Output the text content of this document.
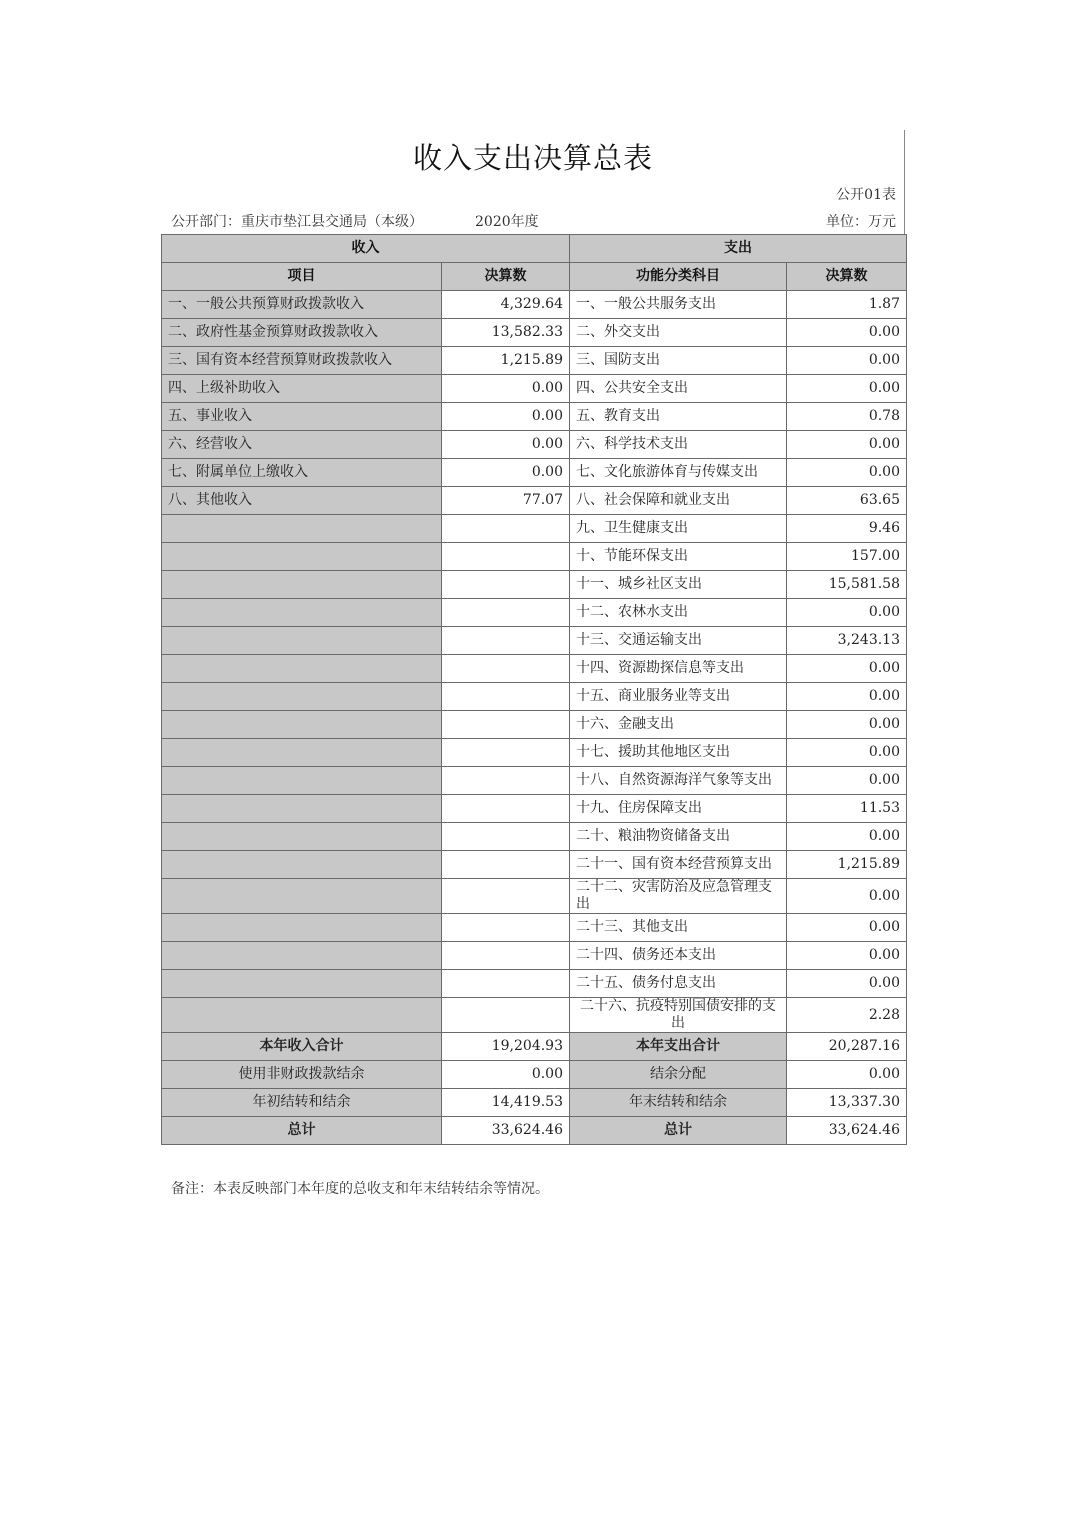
收入支出决算总表
公开01表
公开部门：重庆市垫江县交通局（本级）	2020年度	单位：万元
收入		支出	
项目	决算数	功能分类科目	决算数
一、一般公共预算财政拨款收入	4,329.64	一、一般公共服务支出	1.87
二、政府性基金预算财政拨款收入	13,582.33	二、外交支出	0.00
三、国有资本经营预算财政拨款收入	1,215.89	三、国防支出	0.00
四、上级补助收入	0.00	四、公共安全支出	0.00
五、事业收入	0.00	五、教育支出	0.78
六、经营收入	0.00	六、科学技术支出	0.00
七、附属单位上缴收入	0.00	七、文化旅游体育与传媒支出	0.00
八、其他收入	77.07	八、社会保障和就业支出	63.65
		九、卫生健康支出	9.46
		十、节能环保支出	157.00
		十一、城乡社区支出	15,581.58
		十二、农林水支出	0.00
		十三、交通运输支出	3,243.13
		十四、资源勘探信息等支出	0.00
		十五、商业服务业等支出	0.00
		十六、金融支出	0.00
		十七、援助其他地区支出	0.00
		十八、自然资源海洋气象等支出	0.00
		十九、住房保障支出	11.53
		二十、粮油物资储备支出	0.00
		二十一、国有资本经营预算支出	1,215.89
		二十二、灾害防治及应急管理支出	0.00
		二十三、其他支出	0.00
		二十四、债务还本支出	0.00
		二十五、债务付息支出	0.00
		二十六、抗疫特别国债安排的支出	2.28
本年收入合计	19,204.93	本年支出合计	20,287.16
使用非财政拨款结余	0.00	结余分配	0.00
年初结转和结余	14,419.53	年末结转和结余	13,337.30
总计	33,624.46	总计	33,624.46
备注：本表反映部门本年度的总收支和年末结转结余等情况。
